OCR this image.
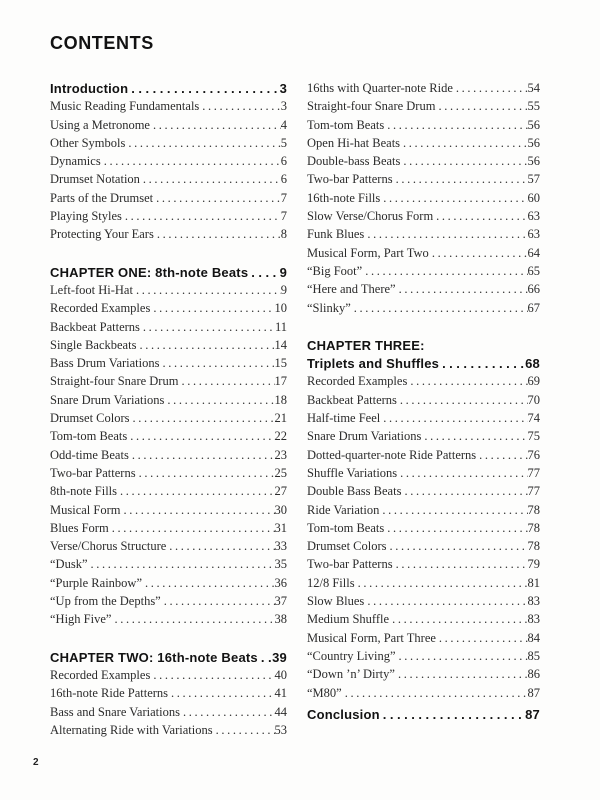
CONTENTS
Introduction . . .	3
Music Reading Fundamentals . . .	3
Using a Metronome . . .	4
Other Symbols . . .	5
Dynamics . . .	6
Drumset Notation . . .	6
Parts of the Drumset . . .	7
Playing Styles . . .	7
Protecting Your Ears . . .	8
CHAPTER ONE: 8th-note Beats . . . 9
Left-foot Hi-Hat . . .	9
Recorded Examples . . .	10
Backbeat Patterns . . .	11
Single Backbeats . . .	14
Bass Drum Variations . . .	15
Straight-four Snare Drum . . .	17
Snare Drum Variations . . .	18
Drumset Colors . . .	21
Tom-tom Beats . . .	22
Odd-time Beats . . .	23
Two-bar Patterns . . .	25
8th-note Fills . . .	27
Musical Form . . .	30
Blues Form . . .	31
Verse/Chorus Structure . . .	33
“Dusk” . . .	35
“Purple Rainbow” . . .	36
“Up from the Depths” . . .	37
“High Five” . . .	38
CHAPTER TWO: 16th-note Beats . . . 39
Recorded Examples . . .	40
16th-note Ride Patterns . . .	41
Bass and Snare Variations . . .	44
Alternating Ride with Variations . . .	53
16ths with Quarter-note Ride . . .	54
Straight-four Snare Drum . . .	55
Tom-tom Beats . . .	56
Open Hi-hat Beats . . .	56
Double-bass Beats . . .	56
Two-bar Patterns . . .	57
16th-note Fills . . .	60
Slow Verse/Chorus Form . . .	63
Funk Blues . . .	63
Musical Form, Part Two . . .	64
“Big Foot” . . .	65
“Here and There” . . .	66
“Slinky” . . .	67
CHAPTER THREE:
Triplets and Shuffles . . .	68
Recorded Examples . . .	69
Backbeat Patterns . . .	70
Half-time Feel . . .	74
Snare Drum Variations . . .	75
Dotted-quarter-note Ride Patterns . . .	76
Shuffle Variations . . .	77
Double Bass Beats . . .	77
Ride Variation . . .	78
Tom-tom Beats . . .	78
Drumset Colors . . .	78
Two-bar Patterns . . .	79
12/8 Fills . . .	81
Slow Blues . . .	83
Medium Shuffle . . .	83
Musical Form, Part Three . . .	84
“Country Living” . . .	85
“Down ’n’ Dirty” . . .	86
“M80” . . .	87
Conclusion . . .	87
2
